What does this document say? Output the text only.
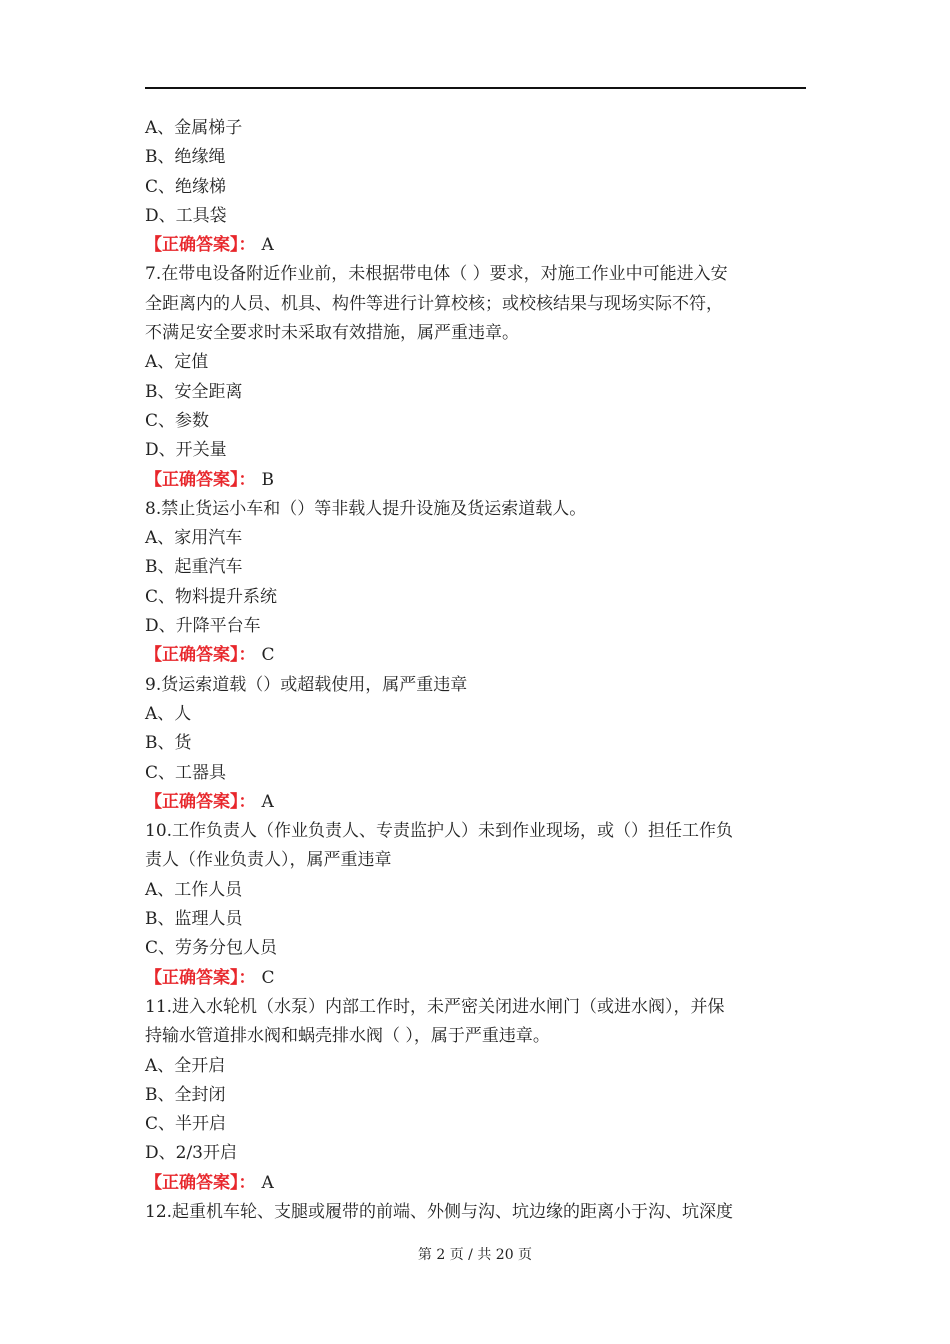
A、金属梯子
B、绝缘绳
C、绝缘梯
D、工具袋
【正确答案】： A
7.在带电设备附近作业前，未根据带电体（ ）要求，对施工作业中可能进入安
全距离内的人员、机具、构件等进行计算校核；或校核结果与现场实际不符，
不满足安全要求时未采取有效措施，属严重违章。
A、定值
B、安全距离
C、参数
D、开关量
【正确答案】： B
8.禁止货运小车和（）等非载人提升设施及货运索道载人。
A、家用汽车
B、起重汽车
C、物料提升系统
D、升降平台车
【正确答案】： C
9.货运索道载（）或超载使用，属严重违章
A、人
B、货
C、工器具
【正确答案】： A
10.工作负责人（作业负责人、专责监护人）未到作业现场，或（）担任工作负
责人（作业负责人），属严重违章
A、工作人员
B、监理人员
C、劳务分包人员
【正确答案】： C
11.进入水轮机（水泵）内部工作时，未严密关闭进水闸门（或进水阀），并保
持输水管道排水阀和蜗壳排水阀（ ），属于严重违章。
A、全开启
B、全封闭
C、半开启
D、2/3开启
【正确答案】： A
12.起重机车轮、支腿或履带的前端、外侧与沟、坑边缘的距离小于沟、坑深度
第 2 页 / 共 20 页
